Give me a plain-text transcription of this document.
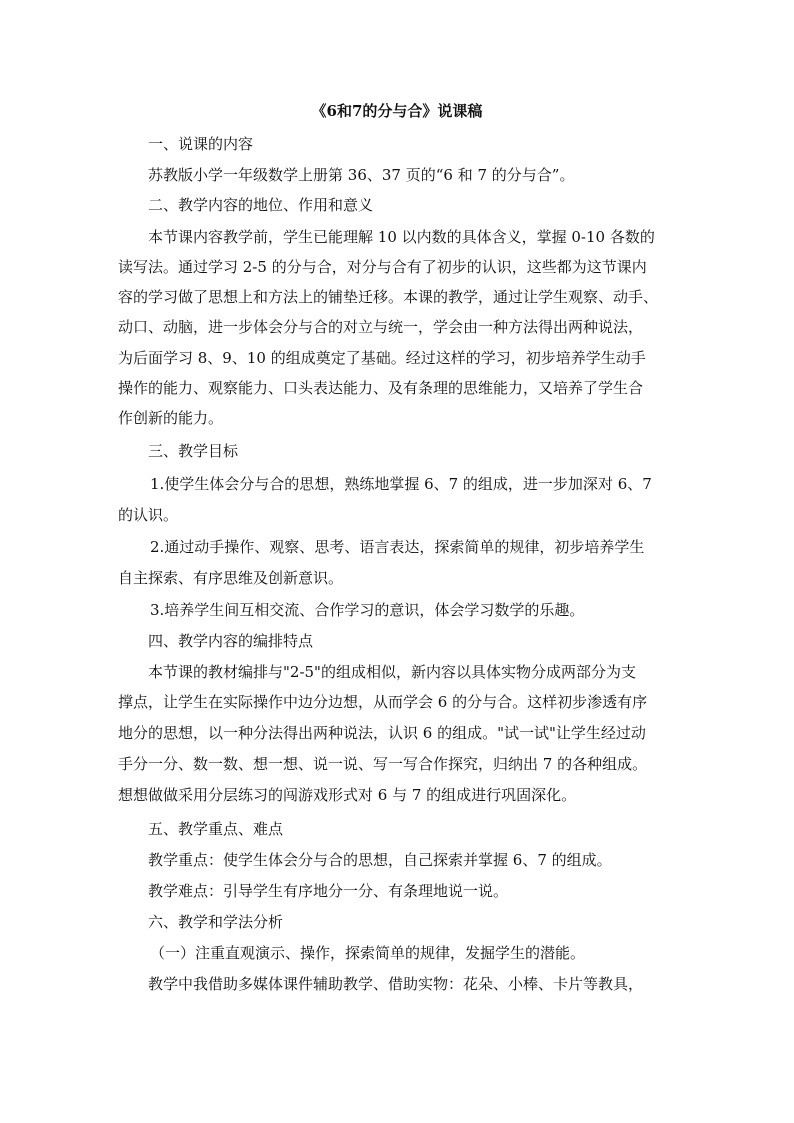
《6和7的分与合》说课稿
一、说课的内容
苏教版小学一年级数学上册第 36、37 页的“6 和 7 的分与合”。
二、教学内容的地位、作用和意义
本节课内容教学前，学生已能理解 10 以内数的具体含义，掌握 0-10 各数的
读写法。通过学习 2-5 的分与合，对分与合有了初步的认识，这些都为这节课内
容的学习做了思想上和方法上的铺垫迁移。本课的教学，通过让学生观察、动手、
动口、动脑，进一步体会分与合的对立与统一，学会由一种方法得出两种说法，
为后面学习 8、9、10 的组成奠定了基础。经过这样的学习，初步培养学生动手
操作的能力、观察能力、口头表达能力、及有条理的思维能力，又培养了学生合
作创新的能力。
三、教学目标
1.使学生体会分与合的思想，熟练地掌握 6、7 的组成，进一步加深对 6、7
的认识。
2.通过动手操作、观察、思考、语言表达，探索简单的规律，初步培养学生
自主探索、有序思维及创新意识。
3.培养学生间互相交流、合作学习的意识，体会学习数学的乐趣。
四、教学内容的编排特点
本节课的教材编排与"2-5"的组成相似，新内容以具体实物分成两部分为支
撑点，让学生在实际操作中边分边想，从而学会 6 的分与合。这样初步渗透有序
地分的思想，以一种分法得出两种说法，认识 6 的组成。"试一试"让学生经过动
手分一分、数一数、想一想、说一说、写一写合作探究，归纳出 7 的各种组成。
想想做做采用分层练习的闯游戏形式对 6 与 7 的组成进行巩固深化。
五、教学重点、难点
教学重点：使学生体会分与合的思想，自己探索并掌握 6、7 的组成。
教学难点：引导学生有序地分一分、有条理地说一说。
六、教学和学法分析
（一）注重直观演示、操作，探索简单的规律，发掘学生的潜能。
教学中我借助多媒体课件辅助教学、借助实物：花朵、小棒、卡片等教具，
